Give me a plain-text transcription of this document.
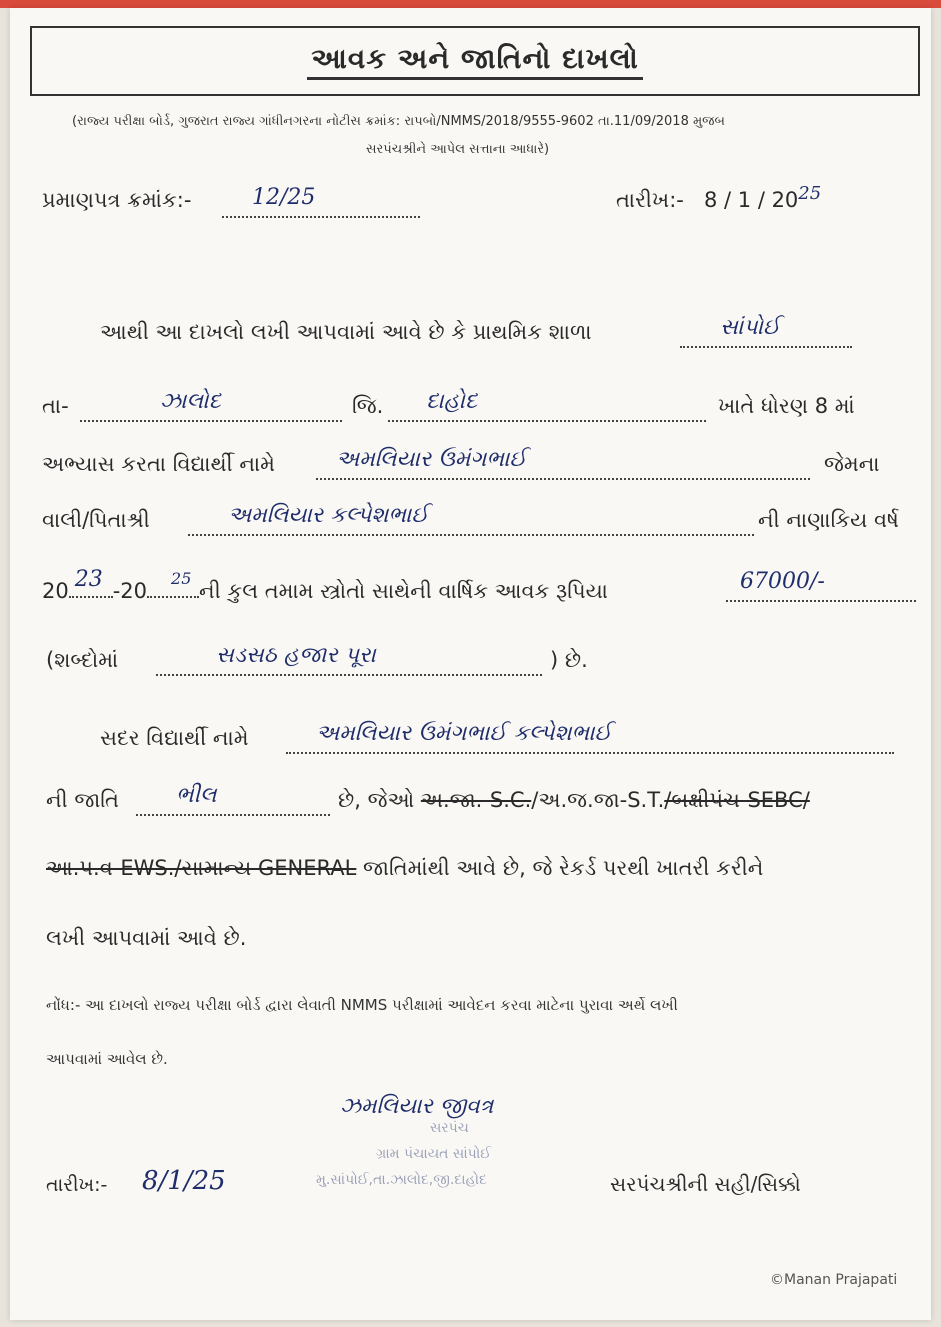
આવક અને જાતિનો દાખલો
(રાજ્ય પરીક્ષા બોર્ડ, ગુજરાત રાજ્ય ગાંધીનગરના નોટીસ ક્રમાંક: રાપબો/NMMS/2018/9555-9602 તા.11/09/2018 મુજબ
સરપંચશ્રીને આપેલ સત્તાના આધારે)
પ્રમાણપત્ર ક્રમાંક:-	12/25	તારીખ:- 8 / 1 / 2025
આથી આ દાખલો લખી આપવામાં આવે છે કે પ્રાથમિક શાળા	સાંપોઈ
તા-	ઝાલોદ	જિ. દાહોદ	ખાતે ધોરણ 8 માં
અભ્યાસ કરતા વિદ્યાર્થી નામે	અમલિયાર ઉમંગભાઈ	જેમના
વાલી/પિતાશ્રી	અમલિયાર કલ્પેશભાઈ	ની નાણાકિય વર્ષ
20 23 -20
25
ની કુલ તમામ સ્ત્રોતો સાથેની વાર્ષિક આવક રૂપિયા	67000/-
(શબ્દોમાં	સડસઠ હજાર પૂરા	) છે.
સદર વિદ્યાર્થી નામે	અમલિયાર ઉમંગભાઈ કલ્પેશભાઈ
ની જાતિ	ભીલ	છે, જેઓ અ.જા.-S.C./અ.જ.જા-S.T./બક્ષીપંચ-SEBC/
આ.પ.વ-EWS./સામાન્ય GENERAL જાતિમાંથી આવે છે, જે રેકર્ડ પરથી ખાતરી કરીને
લખી આપવામાં આવે છે.
નોંધ:- આ દાખલો રાજ્ય પરીક્ષા બોર્ડ દ્વારા લેવાતી NMMS પરીક્ષામાં આવેદન કરવા માટેના પુરાવા અર્થે લખી
આપવામાં આવેલ છે.
ઝમલિયાર જીવત્ર
સરપંચ
ગ્રામ પંચાયત સાંપોઈ
મુ.સાંપોઈ,તા.ઝાલોદ,જી.દાહોદ
તારીખ:- 8/1/25	સરપંચશ્રીની સહી/સિક્કો
©Manan Prajapati
